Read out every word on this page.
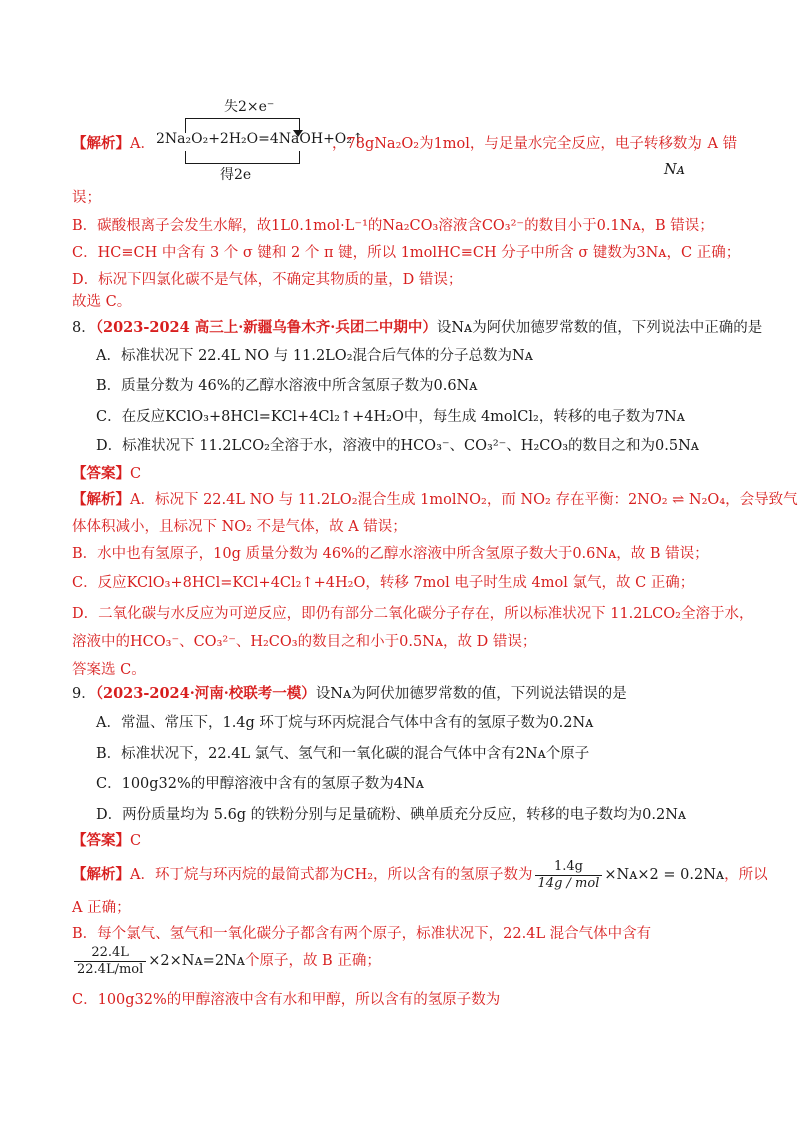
【解析】A．
失2×e⁻
2Na₂O₂+2H₂O=4NaOH+O₂↑
得2e
，78gNa₂O₂为1mol，与足量水完全反应，电子转移数为
，A 错
Nᴀ
误；
B．碳酸根离子会发生水解，故1L0.1mol·L⁻¹的Na₂CO₃溶液含CO₃²⁻的数目小于0.1Nᴀ，B 错误；
C．HC≡CH 中含有 3 个 σ 键和 2 个 π 键，所以 1molHC≡CH 分子中所含 σ 键数为3Nᴀ，C 正确；
D．标况下四氯化碳不是气体，不确定其物质的量，D 错误；
故选 C。
8．（2023-2024 高三上·新疆乌鲁木齐·兵团二中期中）设Nᴀ为阿伏加德罗常数的值，下列说法中正确的是
A．标准状况下 22.4L NO 与 11.2LO₂混合后气体的分子总数为Nᴀ
B．质量分数为 46%的乙醇水溶液中所含氢原子数为0.6Nᴀ
C．在反应KClO₃+8HCl=KCl+4Cl₂↑+4H₂O中，每生成 4molCl₂，转移的电子数为7Nᴀ
D．标准状况下 11.2LCO₂全溶于水，溶液中的HCO₃⁻、CO₃²⁻、H₂CO₃的数目之和为0.5Nᴀ
【答案】C
【解析】A．标况下 22.4L NO 与 11.2LO₂混合生成 1molNO₂，而 NO₂ 存在平衡：2NO₂ ⇌ N₂O₄，会导致气
体体积减小，且标况下 NO₂ 不是气体，故 A 错误；
B．水中也有氢原子，10g 质量分数为 46%的乙醇水溶液中所含氢原子数大于0.6Nᴀ，故 B 错误；
C．反应KClO₃+8HCl=KCl+4Cl₂↑+4H₂O，转移 7mol 电子时生成 4mol 氯气，故 C 正确；
D．二氧化碳与水反应为可逆反应，即仍有部分二氧化碳分子存在，所以标准状况下 11.2LCO₂全溶于水，
溶液中的HCO₃⁻、CO₃²⁻、H₂CO₃的数目之和小于0.5Nᴀ，故 D 错误；
答案选 C。
9．（2023-2024·河南·校联考一模）设Nᴀ为阿伏加德罗常数的值，下列说法错误的是
A．常温、常压下，1.4g 环丁烷与环丙烷混合气体中含有的氢原子数为0.2Nᴀ
B．标准状况下，22.4L 氯气、氢气和一氧化碳的混合气体中含有2Nᴀ个原子
C．100g32%的甲醇溶液中含有的氢原子数为4Nᴀ
D．两份质量均为 5.6g 的铁粉分别与足量硫粉、碘单质充分反应，转移的电子数均为0.2Nᴀ
【答案】C
【解析】A．环丁烷与环丙烷的最简式都为CH₂，所以含有的氢原子数为 $\frac{1.4g}{\text{14g / mol}}$ ×Nᴀ×2 = 0.2Nᴀ，所以
A 正确；
B．每个氯气、氢气和一氧化碳分子都含有两个原子，标准状况下，22.4L 混合气体中含有
$\frac{22.4L}{\text{22.4L/mol}}$ ×2×Nᴀ=2Nᴀ个原子，故 B 正确；
C．100g32%的甲醇溶液中含有水和甲醇，所以含有的氢原子数为
